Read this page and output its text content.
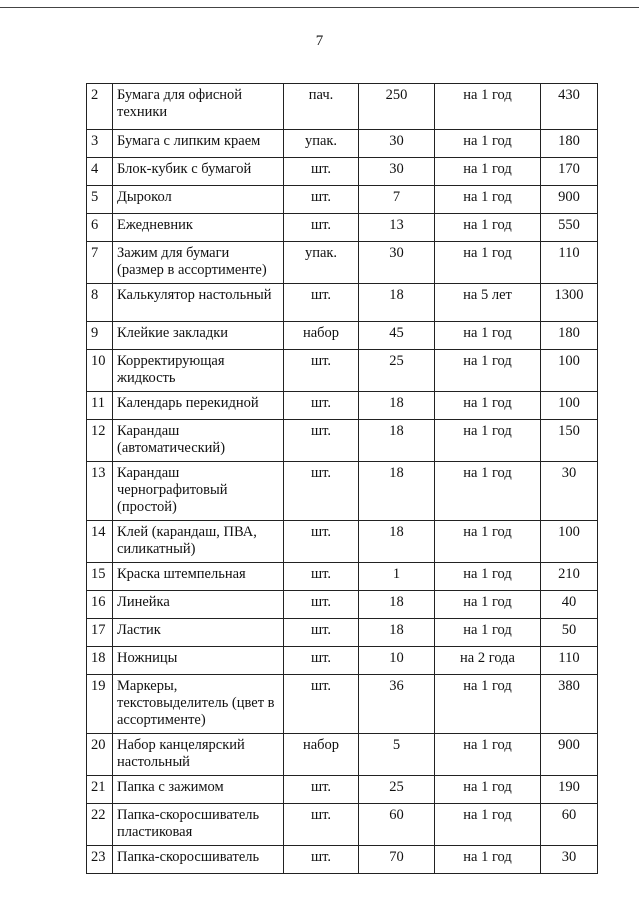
7
2	Бумага для офисной техники	пач.	250	на 1 год	430
3	Бумага с липким краем	упак.	30	на 1 год	180
4	Блок-кубик с бумагой	шт.	30	на 1 год	170
5	Дырокол	шт.	7	на 1 год	900
6	Ежедневник	шт.	13	на 1 год	550
7	Зажим для бумаги (размер в ассортименте)	упак.	30	на 1 год	110
8	Калькулятор настольный	шт.	18	на 5 лет	1300
9	Клейкие закладки	набор	45	на 1 год	180
10	Корректирующая жидкость	шт.	25	на 1 год	100
11	Календарь перекидной	шт.	18	на 1 год	100
12	Карандаш (автоматический)	шт.	18	на 1 год	150
13	Карандаш чернографитовый (простой)	шт.	18	на 1 год	30
14	Клей (карандаш, ПВА, силикатный)	шт.	18	на 1 год	100
15	Краска штемпельная	шт.	1	на 1 год	210
16	Линейка	шт.	18	на 1 год	40
17	Ластик	шт.	18	на 1 год	50
18	Ножницы	шт.	10	на 2 года	110
19	Маркеры, текстовыделитель (цвет в ассортименте)	шт.	36	на 1 год	380
20	Набор канцелярский настольный	набор	5	на 1 год	900
21	Папка с зажимом	шт.	25	на 1 год	190
22	Папка-скоросшиватель пластиковая	шт.	60	на 1 год	60
23	Папка-скоросшиватель	шт.	70	на 1 год	30
